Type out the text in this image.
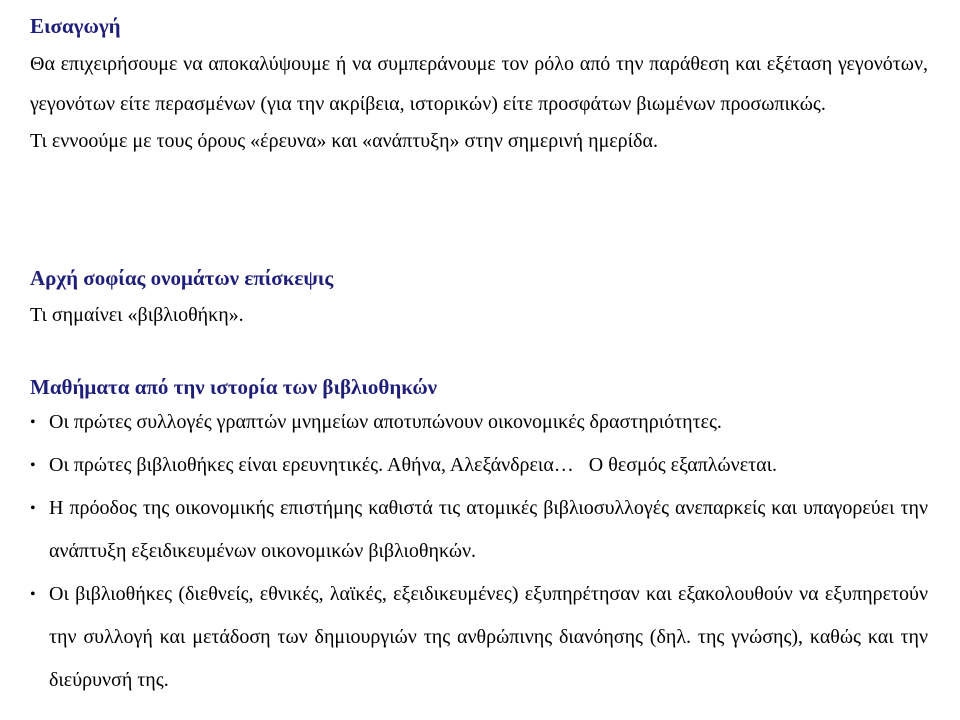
Εισαγωγή

Θα επιχειρήσουμε να αποκαλύψουμε ή να συμπεράνουμε τον ρόλο από την παράθεση και εξέταση γεγονότων, γεγονότων είτε περασμένων (για την ακρίβεια, ιστορικών) είτε προσφάτων βιωμένων προσωπικώς.

Τι εννοούμε με τους όρους «έρευνα» και «ανάπτυξη» στην σημερινή ημερίδα.

Αρχή σοφίας ονομάτων επίσκεψις

Τι σημαίνει «βιβλιοθήκη».

Μαθήματα από την ιστορία των βιβλιοθηκών
• Οι πρώτες συλλογές γραπτών μνημείων αποτυπώνουν οικονομικές δραστηριότητες.
• Οι πρώτες βιβλιοθήκες είναι ερευνητικές. Αθήνα, Αλεξάνδρεια…   Ο θεσμός εξαπλώνεται.
• Η πρόοδος της οικονομικής επιστήμης καθιστά τις ατομικές βιβλιοσυλλογές ανεπαρκείς και υπαγορεύει την ανάπτυξη εξειδικευμένων οικονομικών βιβλιοθηκών.
• Οι βιβλιοθήκες (διεθνείς, εθνικές, λαϊκές, εξειδικευμένες) εξυπηρέτησαν και εξακολουθούν να εξυπηρετούν την συλλογή και μετάδοση των δημιουργιών της ανθρώπινης διανόησης (δηλ. της γνώσης), καθώς και την διεύρυνσή της.
